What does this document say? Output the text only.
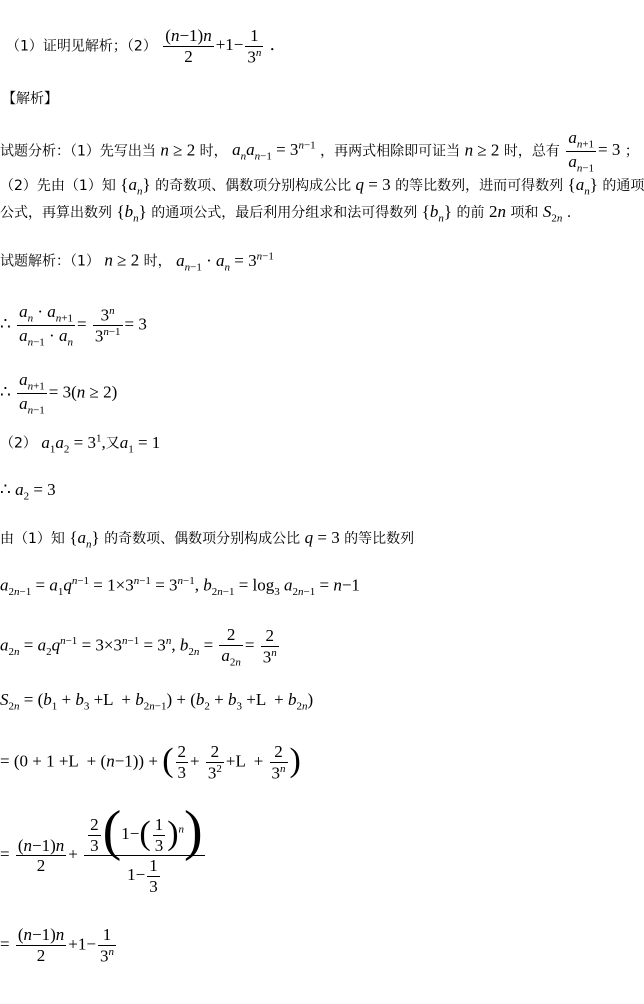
（1）证明见解析；$(2) \frac{(n-1)n}{2} +1- \frac{1}{3^n}$ ．
【解析】
试题分析：（1）先写出当 n ≥ 2 时， $a_na_{n-1} = 3^{n-1}$ ，再两式相除即可证当 n ≥ 2 时，总有 $\frac{a_{n+1}}{a_{n-1}} = 3$ ；
（2）先由（1）知 $\{a_n\}$ 的奇数项、偶数项分别构成公比 q = 3 的等比数列，进而可得数列 $\{a_n\}$ 的通项
公式，再算出数列 $\{b_n\}$ 的通项公式，最后利用分组求和法可得数列 $\{b_n\}$ 的前 2n 项和 $S_{2n}$ ．
试题解析：（1） n ≥ 2 时， $a_{n-1} \cdot a_n = 3^{n-1}$
∴ $\frac{a_n \cdot a_{n+1}}{a_{n-1} \cdot a_n} = \frac{3^n}{3^{n-1}} = 3$
∴ $\frac{a_{n+1}}{a_{n-1}} = 3(n \ge 2)$
（2） $a_1a_2 = 3^1$,又$a_1 = 1$
∴ $a_2 = 3$
由（1）知 $\{a_n\}$ 的奇数项、偶数项分别构成公比 q = 3 的等比数列
$a_{2n-1} = a_1q^{n-1} = 1\times 3^{n-1} = 3^{n-1}$, $b_{2n-1} = \log_3 a_{2n-1} = n-1$
$a_{2n} = a_2q^{n-1} = 3\times 3^{n-1} = 3^n$, $b_{2n} = \frac{2}{a_{2n}} = \frac{2}{3^n}$
$S_{2n} = (b_1 + b_3 +L + b_{2n-1}) + (b_2 + b_3 +L + b_{2n})$
= (0 + 1 +L  + (n−1)) + ( $\frac{2}{3} + \frac{2}{3^2} +L + \frac{2}{3^n}$ )
= $\frac{(n-1)n}{2} + \frac{\frac{2}{3} (1-( \frac{1}{3} )^n)}{1- \frac{1}{3}}$
= $\frac{(n-1)n}{2} +1- \frac{1}{3^n}$
